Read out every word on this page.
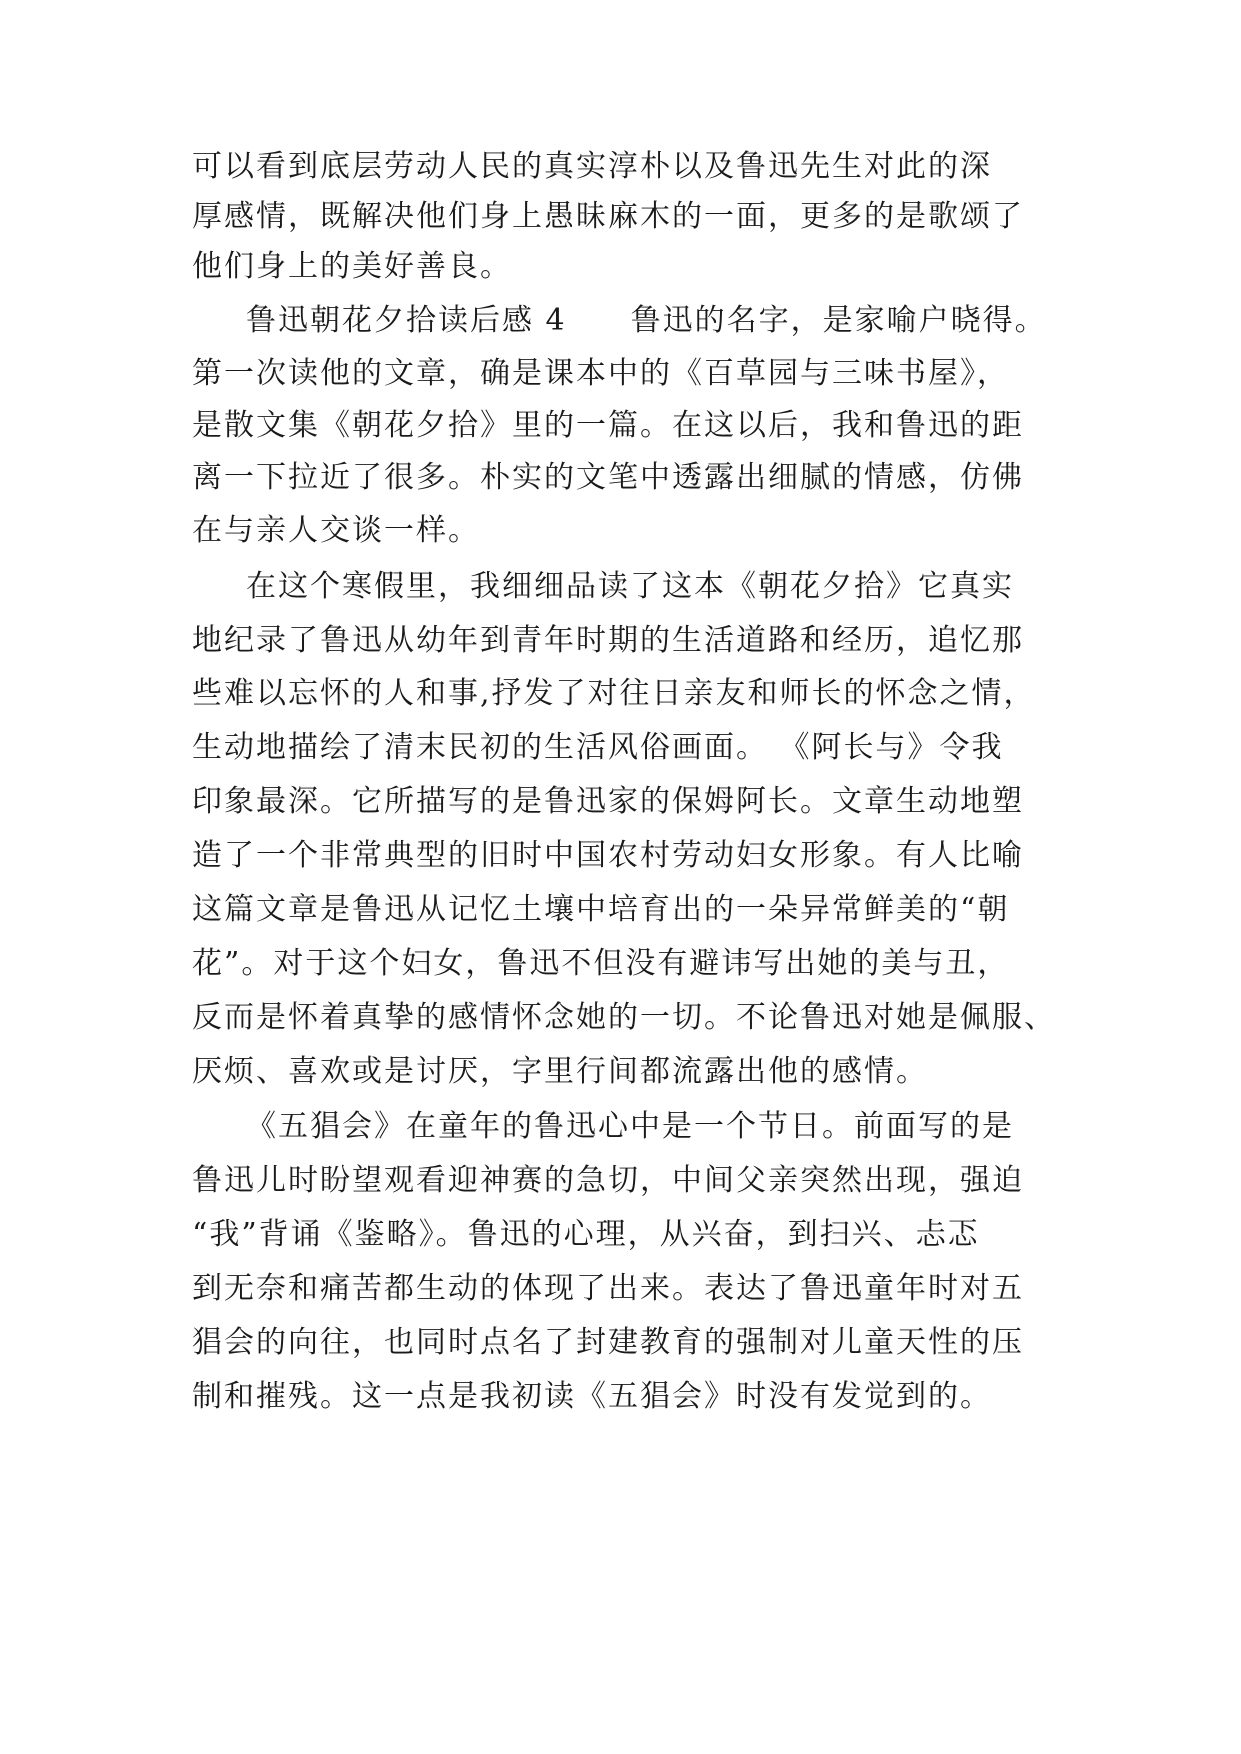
可以看到底层劳动人民的真实淳朴以及鲁迅先生对此的深
厚感情，既解决他们身上愚昧麻木的一面，更多的是歌颂了
他们身上的美好善良。
鲁迅朝花夕拾读后感 4　　鲁迅的名字，是家喻户晓得。
第一次读他的文章，确是课本中的《百草园与三味书屋》，
是散文集《朝花夕拾》里的一篇。在这以后，我和鲁迅的距
离一下拉近了很多。朴实的文笔中透露出细腻的情感，仿佛
在与亲人交谈一样。
在这个寒假里，我细细品读了这本《朝花夕拾》它真实
地纪录了鲁迅从幼年到青年时期的生活道路和经历，追忆那
些难以忘怀的人和事,抒发了对往日亲友和师长的怀念之情，
生动地描绘了清末民初的生活风俗画面。 《阿长与》令我
印象最深。它所描写的是鲁迅家的保姆阿长。文章生动地塑
造了一个非常典型的旧时中国农村劳动妇女形象。有人比喻
这篇文章是鲁迅从记忆土壤中培育出的一朵异常鲜美的“朝
花”。对于这个妇女，鲁迅不但没有避讳写出她的美与丑，
反而是怀着真挚的感情怀念她的一切。不论鲁迅对她是佩服、
厌烦、喜欢或是讨厌，字里行间都流露出他的感情。
《五猖会》在童年的鲁迅心中是一个节日。前面写的是
鲁迅儿时盼望观看迎神赛的急切，中间父亲突然出现，强迫
“我”背诵《鉴略》。鲁迅的心理，从兴奋，到扫兴、忐忑
到无奈和痛苦都生动的体现了出来。表达了鲁迅童年时对五
猖会的向往，也同时点名了封建教育的强制对儿童天性的压
制和摧残。这一点是我初读《五猖会》时没有发觉到的。
